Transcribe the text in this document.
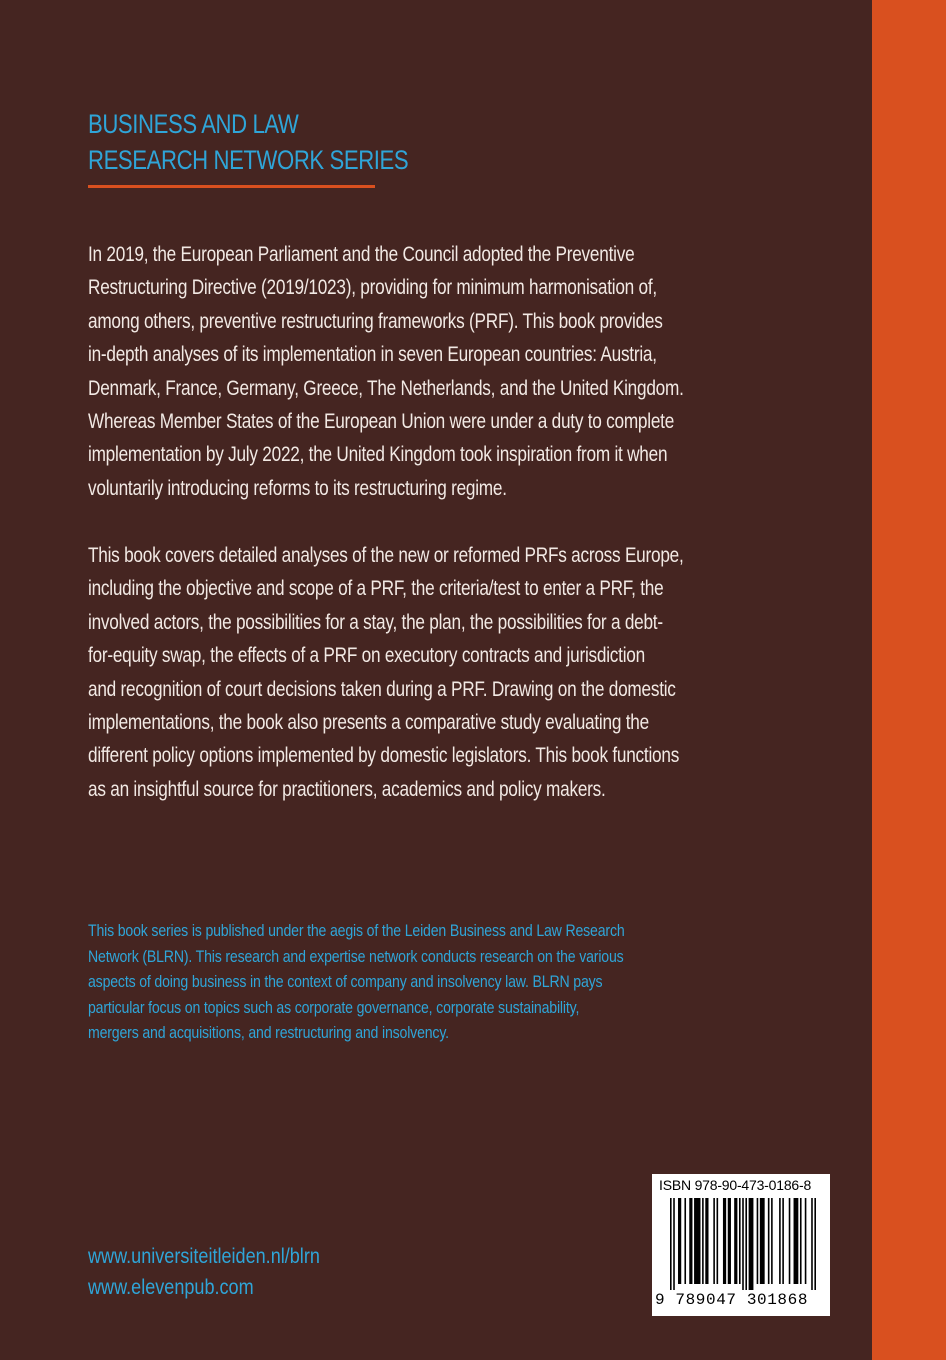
BUSINESS AND LAW
RESEARCH NETWORK SERIES
In 2019, the European Parliament and the Council adopted the Preventive
Restructuring Directive (2019/1023), providing for minimum harmonisation of,
among others, preventive restructuring frameworks (PRF). This book provides
in-depth analyses of its implementation in seven European countries: Austria,
Denmark, France, Germany, Greece, The Netherlands, and the United Kingdom.
Whereas Member States of the European Union were under a duty to complete
implementation by July 2022, the United Kingdom took inspiration from it when
voluntarily introducing reforms to its restructuring regime.
This book covers detailed analyses of the new or reformed PRFs across Europe,
including the objective and scope of a PRF, the criteria/test to enter a PRF, the
involved actors, the possibilities for a stay, the plan, the possibilities for a debt-
for-equity swap, the effects of a PRF on executory contracts and jurisdiction
and recognition of court decisions taken during a PRF. Drawing on the domestic
implementations, the book also presents a comparative study evaluating the
different policy options implemented by domestic legislators. This book functions
as an insightful source for practitioners, academics and policy makers.
This book series is published under the aegis of the Leiden Business and Law Research
Network (BLRN). This research and expertise network conducts research on the various
aspects of doing business in the context of company and insolvency law. BLRN pays
particular focus on topics such as corporate governance, corporate sustainability,
mergers and acquisitions, and restructuring and insolvency.
www.universiteitleiden.nl/blrn
www.elevenpub.com
ISBN 978-90-473-0186-8
9 789047 301868
